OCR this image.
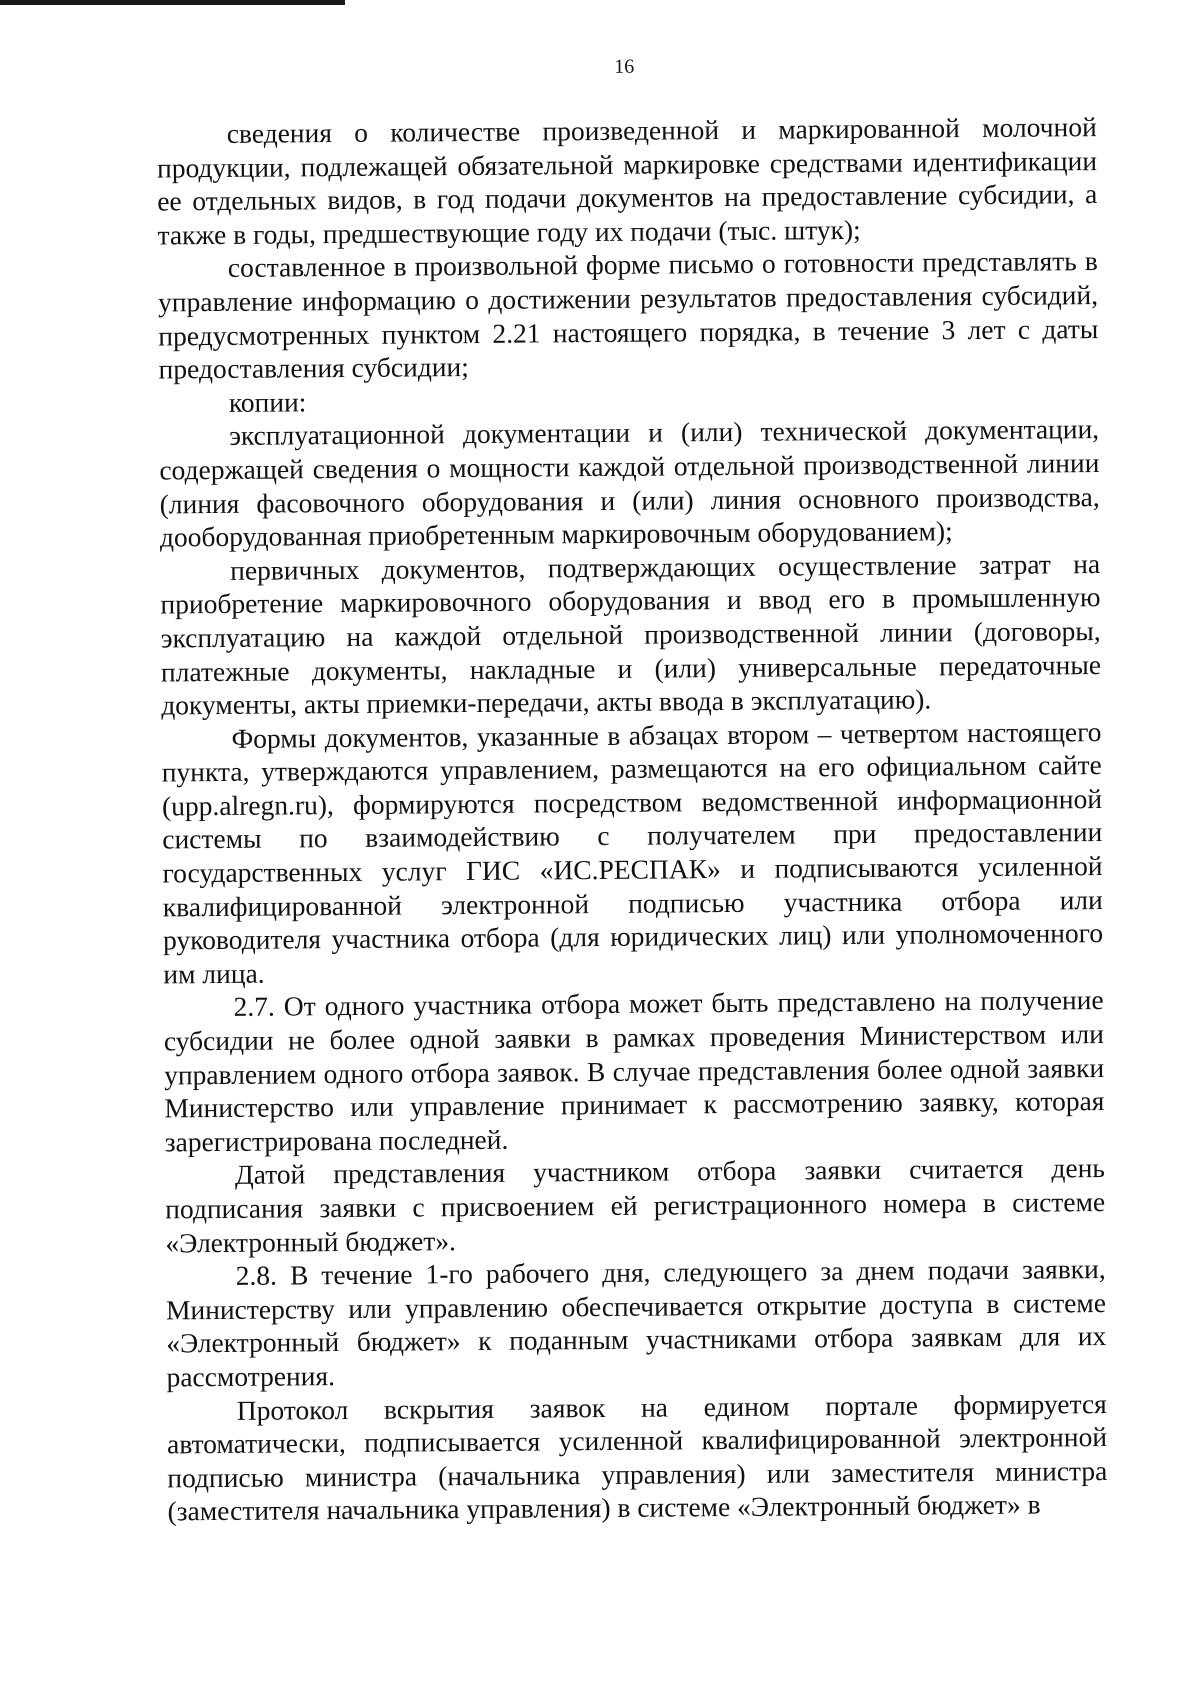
16

сведения о количестве произведенной и маркированной молочной продукции, подлежащей обязательной маркировке средствами идентификации ее отдельных видов, в год подачи документов на предоставление субсидии, а также в годы, предшествующие году их подачи (тыс. штук);

составленное в произвольной форме письмо о готовности представлять в управление информацию о достижении результатов предоставления субсидий, предусмотренных пунктом 2.21 настоящего порядка, в течение 3 лет с даты предоставления субсидии;

копии:

эксплуатационной документации и (или) технической документации, содержащей сведения о мощности каждой отдельной производственной линии (линия фасовочного оборудования и (или) линия основного производства, дооборудованная приобретенным маркировочным оборудованием);

первичных документов, подтверждающих осуществление затрат на приобретение маркировочного оборудования и ввод его в промышленную эксплуатацию на каждой отдельной производственной линии (договоры, платежные документы, накладные и (или) универсальные передаточные документы, акты приемки-передачи, акты ввода в эксплуатацию).

Формы документов, указанные в абзацах втором – четвертом настоящего пункта, утверждаются управлением, размещаются на его официальном сайте (upp.alregn.ru), формируются посредством ведомственной информационной системы по взаимодействию с получателем при предоставлении государственных услуг ГИС «ИС.РЕСПАК» и подписываются усиленной квалифицированной электронной подписью участника отбора или руководителя участника отбора (для юридических лиц) или уполномоченного им лица.

2.7. От одного участника отбора может быть представлено на получение субсидии не более одной заявки в рамках проведения Министерством или управлением одного отбора заявок. В случае представления более одной заявки Министерство или управление принимает к рассмотрению заявку, которая зарегистрирована последней.

Датой представления участником отбора заявки считается день подписания заявки с присвоением ей регистрационного номера в системе «Электронный бюджет».

2.8. В течение 1-го рабочего дня, следующего за днем подачи заявки, Министерству или управлению обеспечивается открытие доступа в системе «Электронный бюджет» к поданным участниками отбора заявкам для их рассмотрения.

Протокол вскрытия заявок на едином портале формируется автоматически, подписывается усиленной квалифицированной электронной подписью министра (начальника управления) или заместителя министра (заместителя начальника управления) в системе «Электронный бюджет» в
